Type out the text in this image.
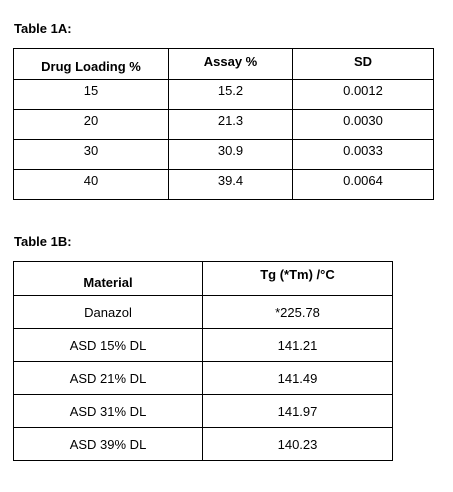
Table 1A:
Drug Loading %	Assay %	SD
15	15.2	0.0012
20	21.3	0.0030
30	30.9	0.0033
40	39.4	0.0064
Table 1B:
Material	Tg (*Tm) /°C
Danazol	*225.78
ASD 15% DL	141.21
ASD 21% DL	141.49
ASD 31% DL	141.97
ASD 39% DL	140.23
